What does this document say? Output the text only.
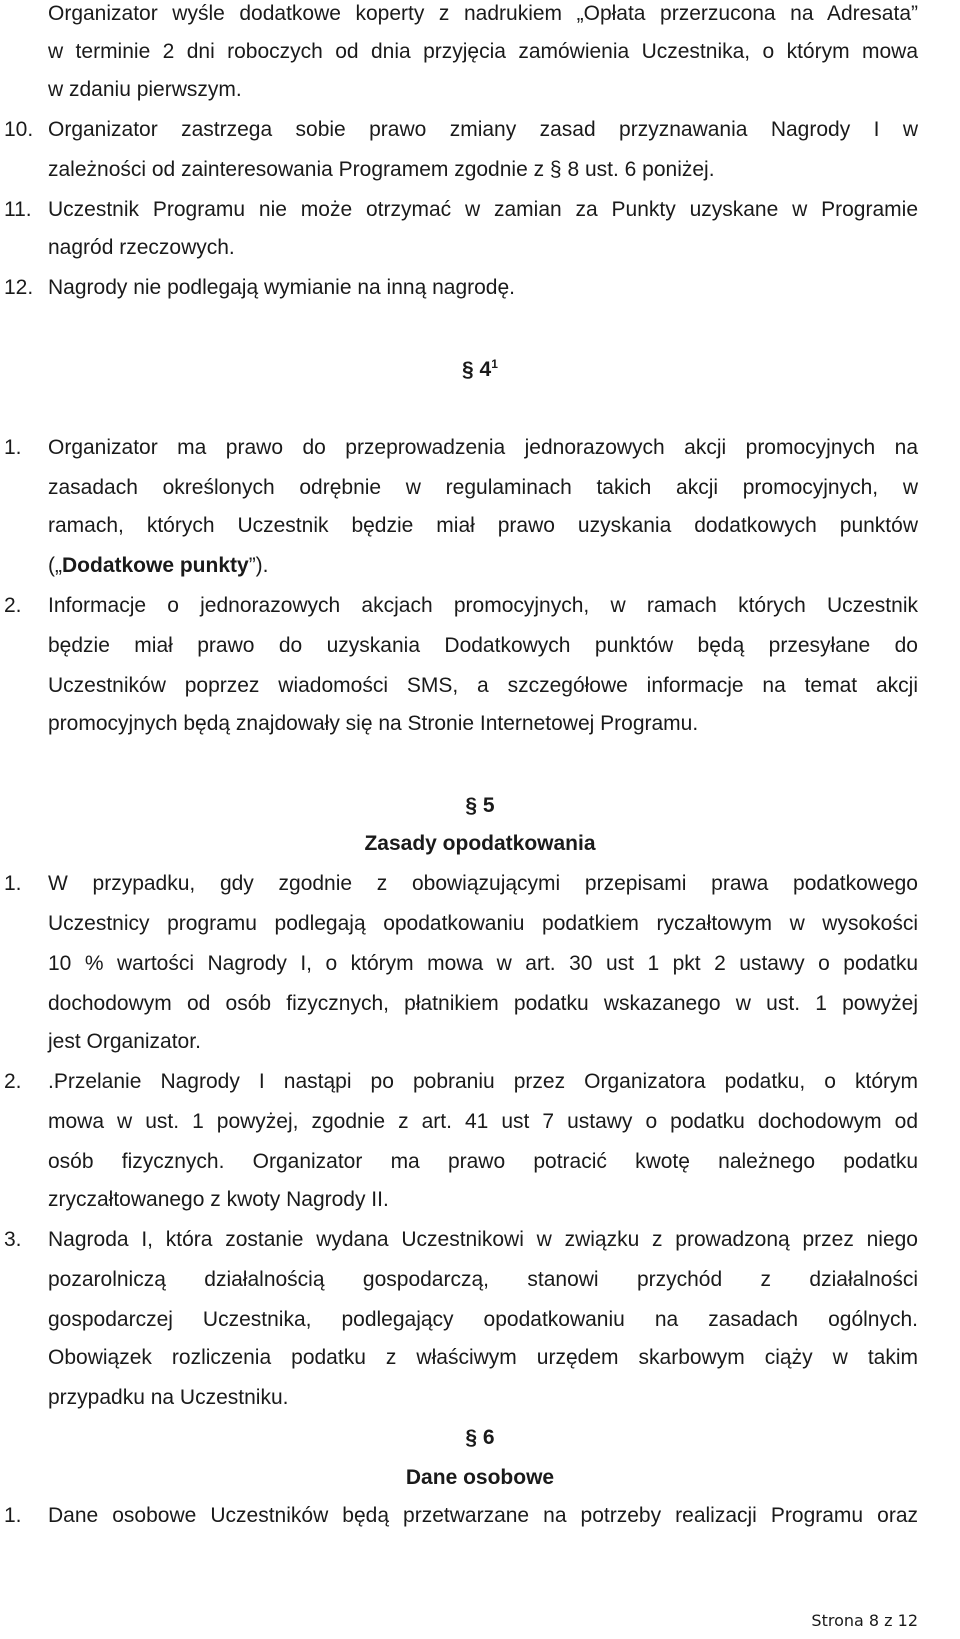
Organizator wyśle dodatkowe koperty z nadrukiem „Opłata przerzucona na Adresata”
w terminie 2 dni roboczych od dnia przyjęcia zamówienia Uczestnika, o którym mowa
w zdaniu pierwszym.
10. Organizator zastrzega sobie prawo zmiany zasad przyznawania Nagrody I w
zależności od zainteresowania Programem zgodnie z § 8 ust. 6 poniżej.
11. Uczestnik Programu nie może otrzymać w zamian za Punkty uzyskane w Programie
nagród rzeczowych.
12. Nagrody nie podlegają wymianie na inną nagrodę.
§ $4^1$
1. Organizator ma prawo do przeprowadzenia jednorazowych akcji promocyjnych na
zasadach określonych odrębnie w regulaminach takich akcji promocyjnych, w
ramach, których Uczestnik będzie miał prawo uzyskania dodatkowych punktów
(„Dodatkowe punkty”).
2. Informacje o jednorazowych akcjach promocyjnych, w ramach których Uczestnik
będzie miał prawo do uzyskania Dodatkowych punktów będą przesyłane do
Uczestników poprzez wiadomości SMS, a szczegółowe informacje na temat akcji
promocyjnych będą znajdowały się na Stronie Internetowej Programu.
§ 5
Zasady opodatkowania
1. W przypadku, gdy zgodnie z obowiązującymi przepisami prawa podatkowego
Uczestnicy programu podlegają opodatkowaniu podatkiem ryczałtowym w wysokości
10 % wartości Nagrody I, o którym mowa w art. 30 ust 1 pkt 2 ustawy o podatku
dochodowym od osób fizycznych, płatnikiem podatku wskazanego w ust. 1 powyżej
jest Organizator.
2. .Przelanie Nagrody I nastąpi po pobraniu przez Organizatora podatku, o którym
mowa w ust. 1 powyżej, zgodnie z art. 41 ust 7 ustawy o podatku dochodowym od
osób fizycznych. Organizator ma prawo potracić kwotę należnego podatku
zryczałtowanego z kwoty Nagrody II.
3. Nagroda I, która zostanie wydana Uczestnikowi w związku z prowadzoną przez niego
pozarolniczą działalnością gospodarczą, stanowi przychód z działalności
gospodarczej Uczestnika, podlegający opodatkowaniu na zasadach ogólnych.
Obowiązek rozliczenia podatku z właściwym urzędem skarbowym ciąży w takim
przypadku na Uczestniku.
§ 6
Dane osobowe
1. Dane osobowe Uczestników będą przetwarzane na potrzeby realizacji Programu oraz
Strona 8 z 12
